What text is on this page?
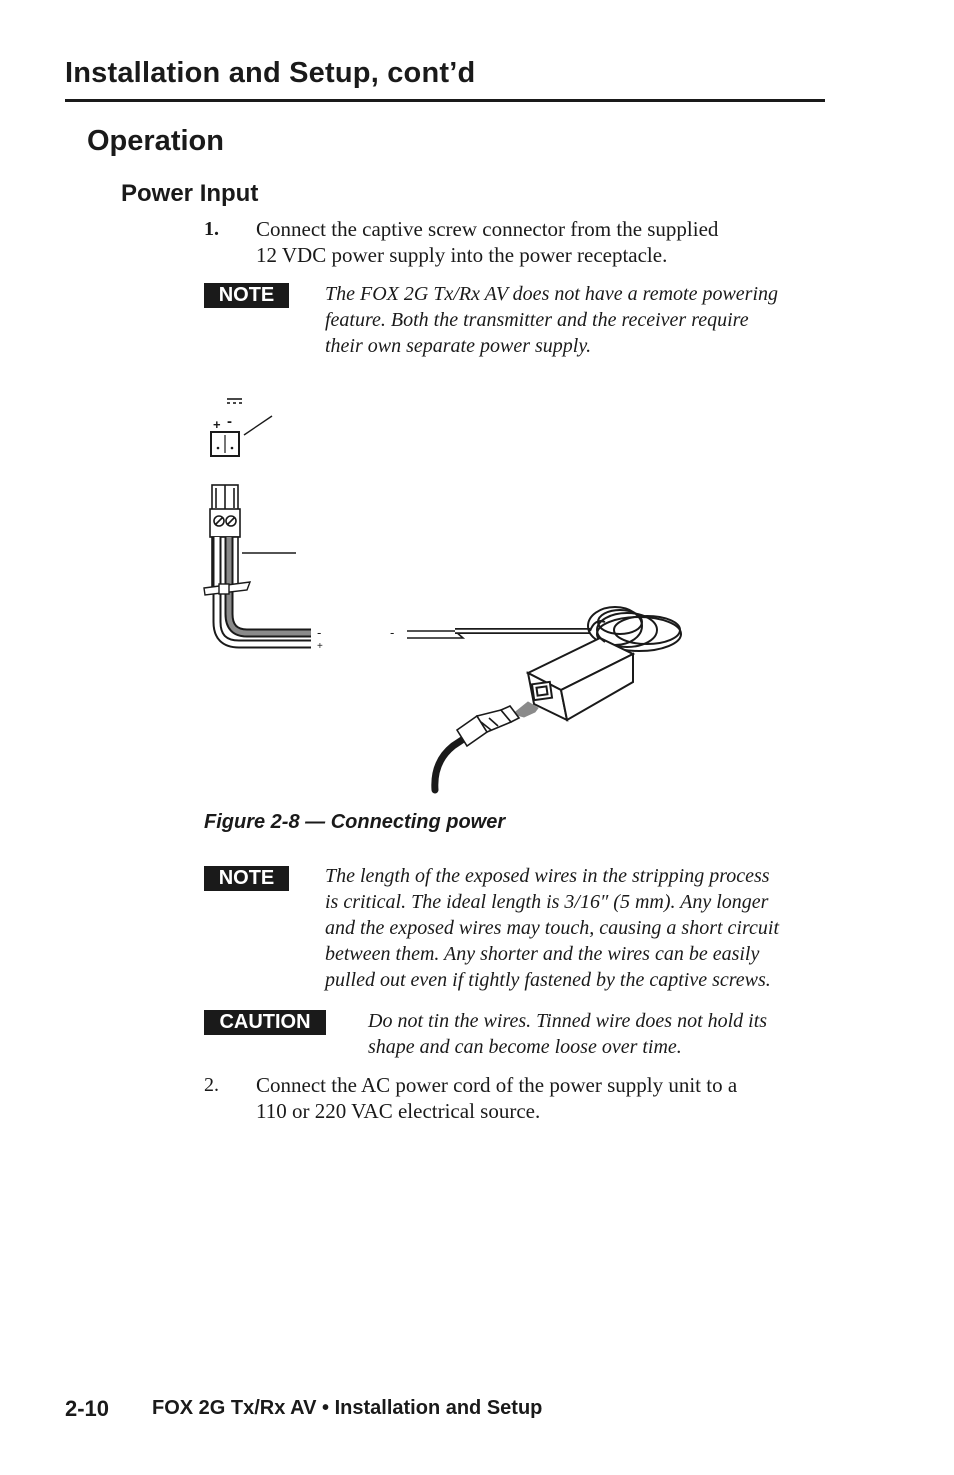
Installation and Setup, cont’d
Operation
Power Input
1. Connect the captive screw connector from the supplied
12 VDC power supply into the power receptacle.
NOTE	The FOX 2G Tx/Rx AV does not have a remote powering
feature. Both the transmitter and the receiver require
their own separate power supply.
+ -
-
+
-
Figure 2-8 — Connecting power
NOTE	The length of the exposed wires in the stripping process
is critical. The ideal length is 3/16″ (5 mm). Any longer
and the exposed wires may touch, causing a short circuit
between them. Any shorter and the wires can be easily
pulled out even if tightly fastened by the captive screws.
CAUTION	Do not tin the wires. Tinned wire does not hold its
shape and can become loose over time.
2. Connect the AC power cord of the power supply unit to a
110 or 220 VAC electrical source.
2-10 FOX 2G Tx/Rx AV • Installation and Setup
